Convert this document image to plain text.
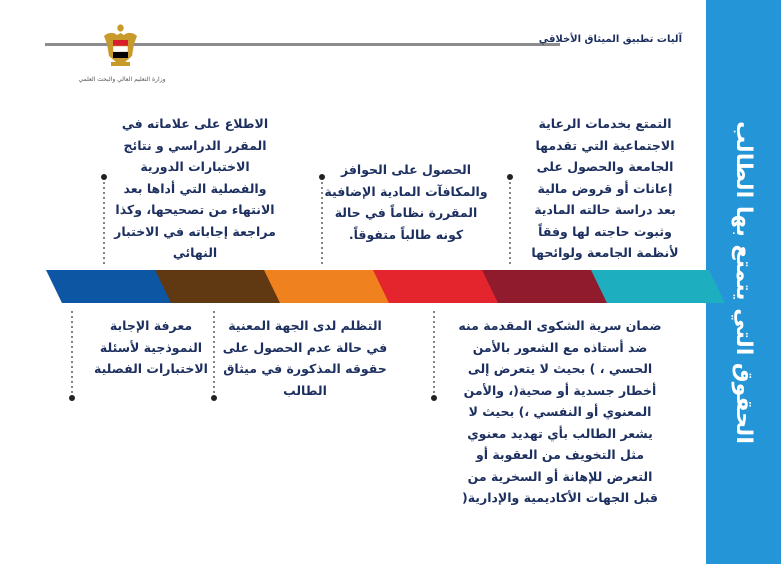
الحقوق التي يتمتع بها الطالب
آليات تطبيق الميثاق الأخلاقي
وزارة التعليم العالي والبحث العلمي
الاطلاع على علاماته في
المقرر الدراسي و نتائج
الاختبارات الدورية
والفصلية التي أداها بعد
الانتهاء من تصحيحها، وكذا
مراجعة إجاباته في الاختبار
النهائي
الحصول على الحوافز
والمكافآت المادية الإضافية
المقررة نظاماً في حالة
كونه طالباً متفوقاً.
التمتع بخدمات الرعاية
الاجتماعية التي تقدمها
الجامعة والحصول على
إعانات أو قروض مالية
بعد دراسة حالته المادية
وثبوت حاجته لها وفقاً
لأنظمة الجامعة ولوائحها
معرفة الإجابة
النموذجية لأسئلة
الاختبارات الفصلية
التظلم لدى الجهة المعنية
في حالة عدم الحصول على
حقوقه المذكورة في ميثاق
الطالب
ضمان سرية الشكوى المقدمة منه
ضد أستاذه مع الشعور بالأمن
الحسي ، ) بحيث لا يتعرض إلى
أخطار جسدية أو صحية(، والأمن
المعنوي أو النفسي ،) بحيث لا
يشعر الطالب بأي تهديد معنوي
مثل التخويف من العقوبة أو
التعرض للإهانة أو السخرية من
قبل الجهات الأكاديمية والإدارية(
